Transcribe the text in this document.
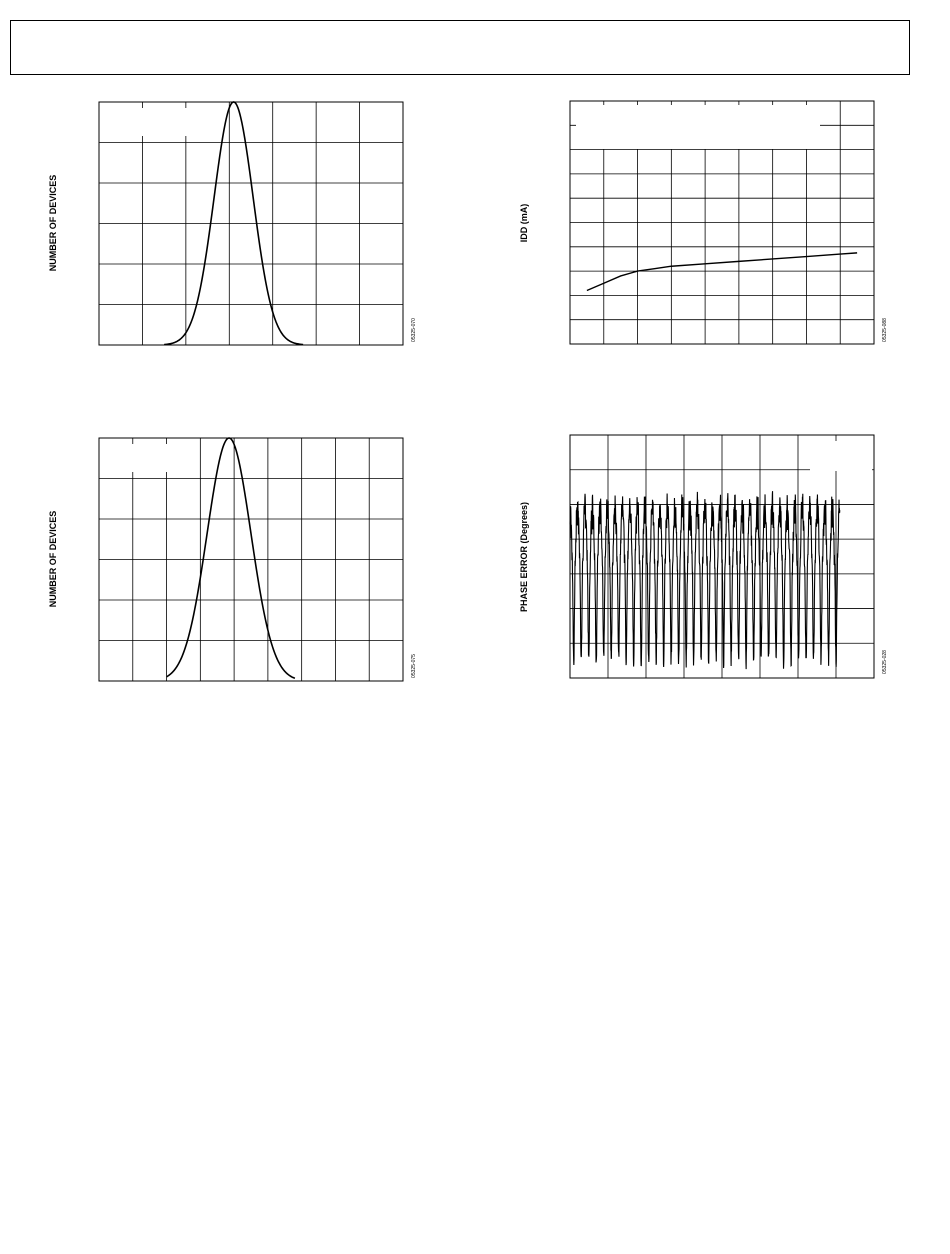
NUMBER OF DEVICES
05325-070
IDD (mA)
05325-088
NUMBER OF DEVICES
05325-075
PHASE ERROR (Degrees)
05325-028
